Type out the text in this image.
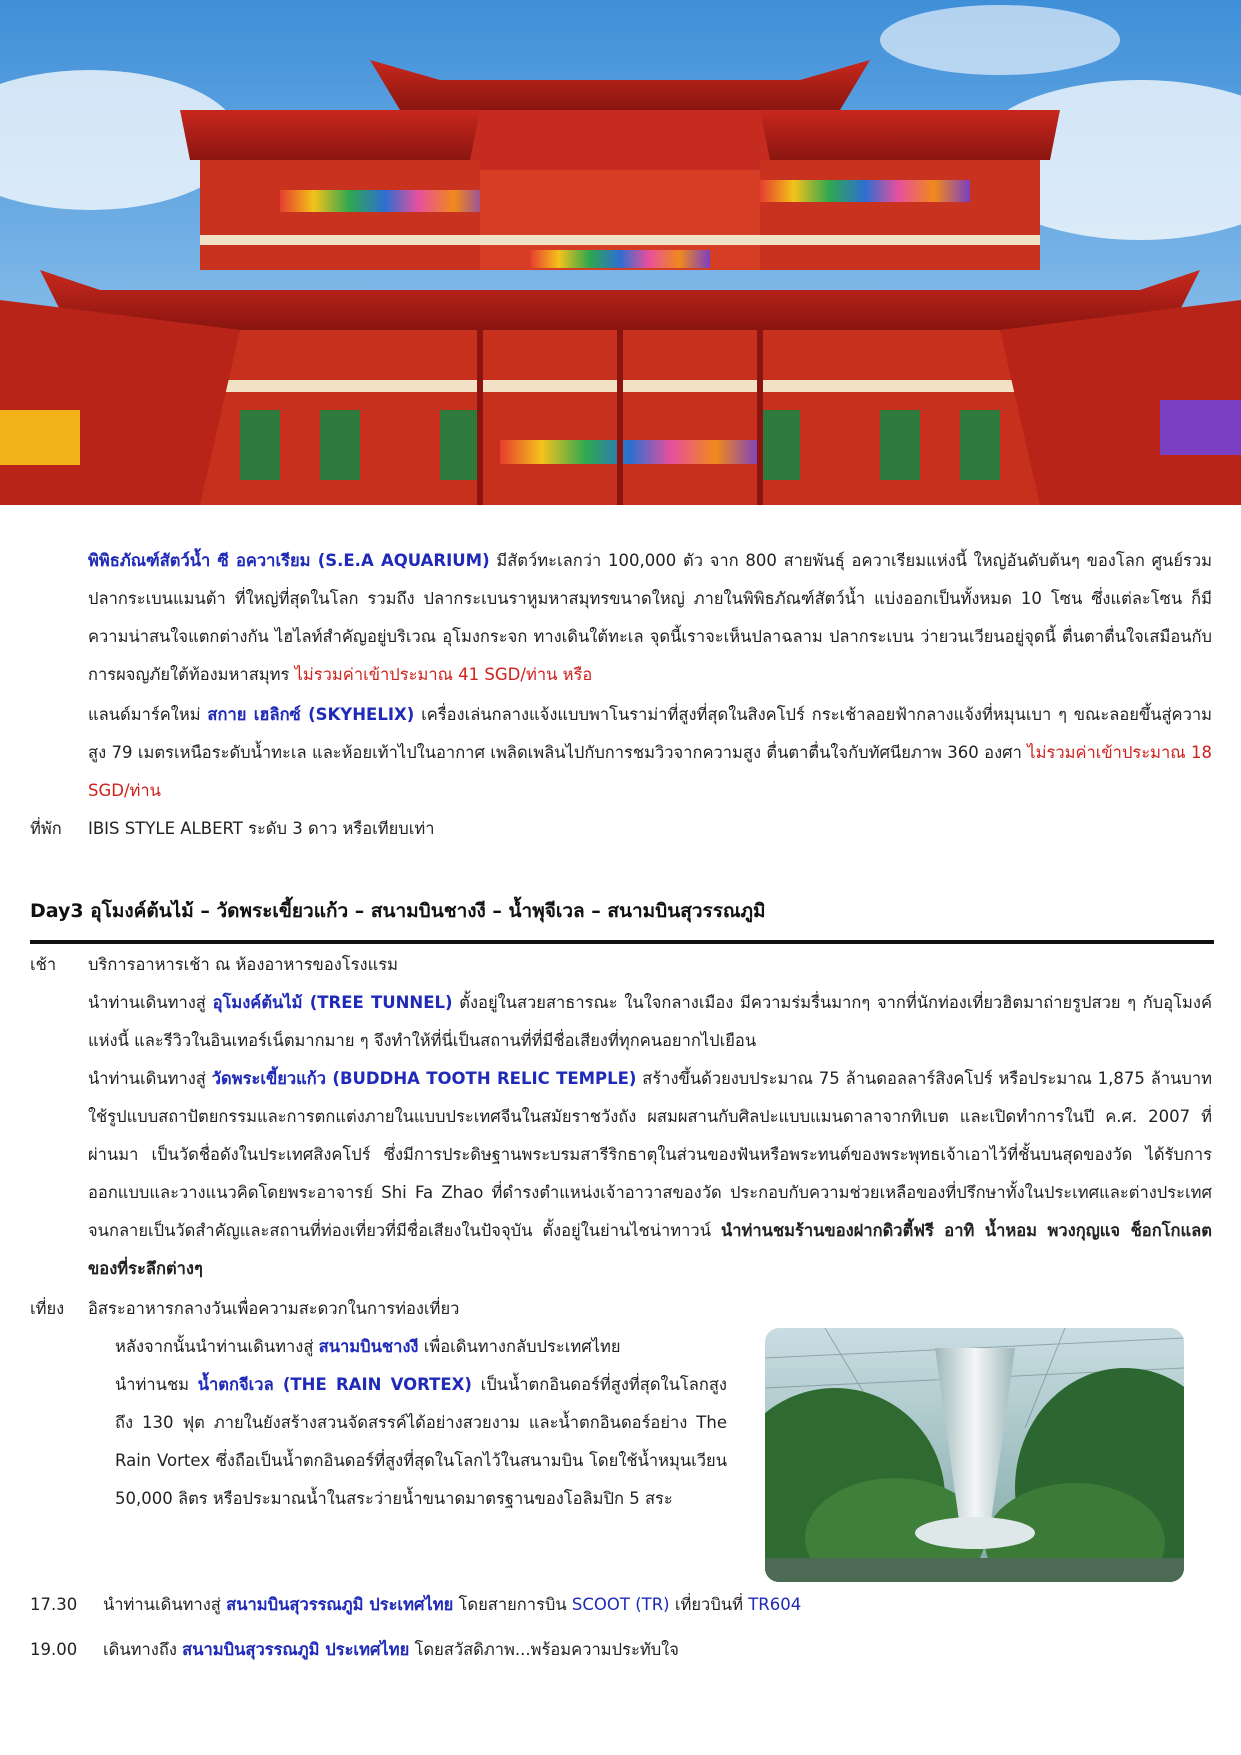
พิพิธภัณฑ์สัตว์น้ำ ซี อควาเรียม (S.E.A AQUARIUM) มีสัตว์ทะเลกว่า 100,000 ตัว จาก 800 สายพันธุ์ อควาเรียมแห่งนี้ ใหญ่อันดับต้นๆ ของโลก ศูนย์รวม ปลากระเบนแมนต้า ที่ใหญ่ที่สุดในโลก รวมถึง ปลากระเบนราหูมหาสมุทรขนาดใหญ่ ภายในพิพิธภัณฑ์สัตว์น้ำ แบ่งออกเป็นทั้งหมด 10 โซน ซึ่งแต่ละโซน ก็มีความน่าสนใจแตกต่างกัน ไฮไลท์สำคัญอยู่บริเวณ อุโมงกระจก ทางเดินใต้ทะเล จุดนี้เราจะเห็นปลาฉลาม ปลากระเบน ว่ายวนเวียนอยู่จุดนี้ ตื่นตาตื่นใจเสมือนกับการผจญภัยใต้ท้องมหาสมุทร ไม่รวมค่าเข้าประมาณ 41 SGD/ท่าน หรือ
แลนด์มาร์คใหม่ สกาย เฮลิกซ์ (SKYHELIX) เครื่องเล่นกลางแจ้งแบบพาโนราม่าที่สูงที่สุดในสิงคโปร์ กระเช้าลอยฟ้ากลางแจ้งที่หมุนเบา ๆ ขณะลอยขึ้นสู่ความสูง 79 เมตรเหนือระดับน้ำทะเล และห้อยเท้าไปในอากาศ เพลิดเพลินไปกับการชมวิวจากความสูง ตื่นตาตื่นใจกับทัศนียภาพ 360 องศา ไม่รวมค่าเข้าประมาณ 18 SGD/ท่าน
ที่พัก IBIS STYLE ALBERT ระดับ 3 ดาว หรือเทียบเท่า
Day3 อุโมงค์ต้นไม้ – วัดพระเขี้ยวแก้ว – สนามบินชางงี – น้ำพุจีเวล – สนามบินสุวรรณภูมิ
เช้า บริการอาหารเช้า ณ ห้องอาหารของโรงแรม
นำท่านเดินทางสู่ อุโมงค์ต้นไม้ (TREE TUNNEL) ตั้งอยู่ในสวยสาธารณะ ในใจกลางเมือง มีความร่มรื่นมากๆ จากที่นักท่องเที่ยวฮิตมาถ่ายรูปสวย ๆ กับอุโมงค์แห่งนี้ และรีวิวในอินเทอร์เน็ตมากมาย ๆ จึงทำให้ที่นี่เป็นสถานที่ที่มีชื่อเสียงที่ทุกคนอยากไปเยือน
นำท่านเดินทางสู่ วัดพระเขี้ยวแก้ว (BUDDHA TOOTH RELIC TEMPLE) สร้างขึ้นด้วยงบประมาณ 75 ล้านดอลลาร์สิงคโปร์ หรือประมาณ 1,875 ล้านบาท ใช้รูปแบบสถาปัตยกรรมและการตกแต่งภายในแบบประเทศจีนในสมัยราชวังถัง ผสมผสานกับศิลปะแบบแมนดาลาจากทิเบต และเปิดทำการในปี ค.ศ. 2007 ที่ผ่านมา เป็นวัดชื่อดังในประเทศสิงคโปร์ ซึ่งมีการประดิษฐานพระบรมสารีริกธาตุในส่วนของฟันหรือพระทนต์ของพระพุทธเจ้าเอาไว้ที่ชั้นบนสุดของวัด ได้รับการออกแบบและวางแนวคิดโดยพระอาจารย์ Shi Fa Zhao ที่ดำรงตำแหน่งเจ้าอาวาสของวัด ประกอบกับความช่วยเหลือของที่ปรึกษาทั้งในประเทศและต่างประเทศ จนกลายเป็นวัดสำคัญและสถานที่ท่องเที่ยวที่มีชื่อเสียงในปัจจุบัน ตั้งอยู่ในย่านไชน่าทาวน์ นำท่านชมร้านของฝากดิวตี้ฟรี อาทิ น้ำหอม พวงกุญแจ ช็อกโกแลต ของที่ระลึกต่างๆ
เที่ยง อิสระอาหารกลางวันเพื่อความสะดวกในการท่องเที่ยว
หลังจากนั้นนำท่านเดินทางสู่ สนามบินชางงี เพื่อเดินทางกลับประเทศไทย
นำท่านชม น้ำตกจีเวล (THE RAIN VORTEX) เป็นน้ำตกอินดอร์ที่สูงที่สุดในโลกสูงถึง 130 ฟุต ภายในยังสร้างสวนจัดสรรค์ได้อย่างสวยงาม และน้ำตกอินดอร์อย่าง The Rain Vortex ซึ่งถือเป็นน้ำตกอินดอร์ที่สูงที่สุดในโลกไว้ในสนามบิน โดยใช้น้ำหมุนเวียน 50,000 ลิตร หรือประมาณน้ำในสระว่ายน้ำขนาดมาตรฐานของโอลิมปิก 5 สระ
17.30 นำท่านเดินทางสู่ สนามบินสุวรรณภูมิ ประเทศไทย โดยสายการบิน SCOOT (TR) เที่ยวบินที่ TR604
19.00 เดินทางถึง สนามบินสุวรรณภูมิ ประเทศไทย โดยสวัสดิภาพ...พร้อมความประทับใจ
